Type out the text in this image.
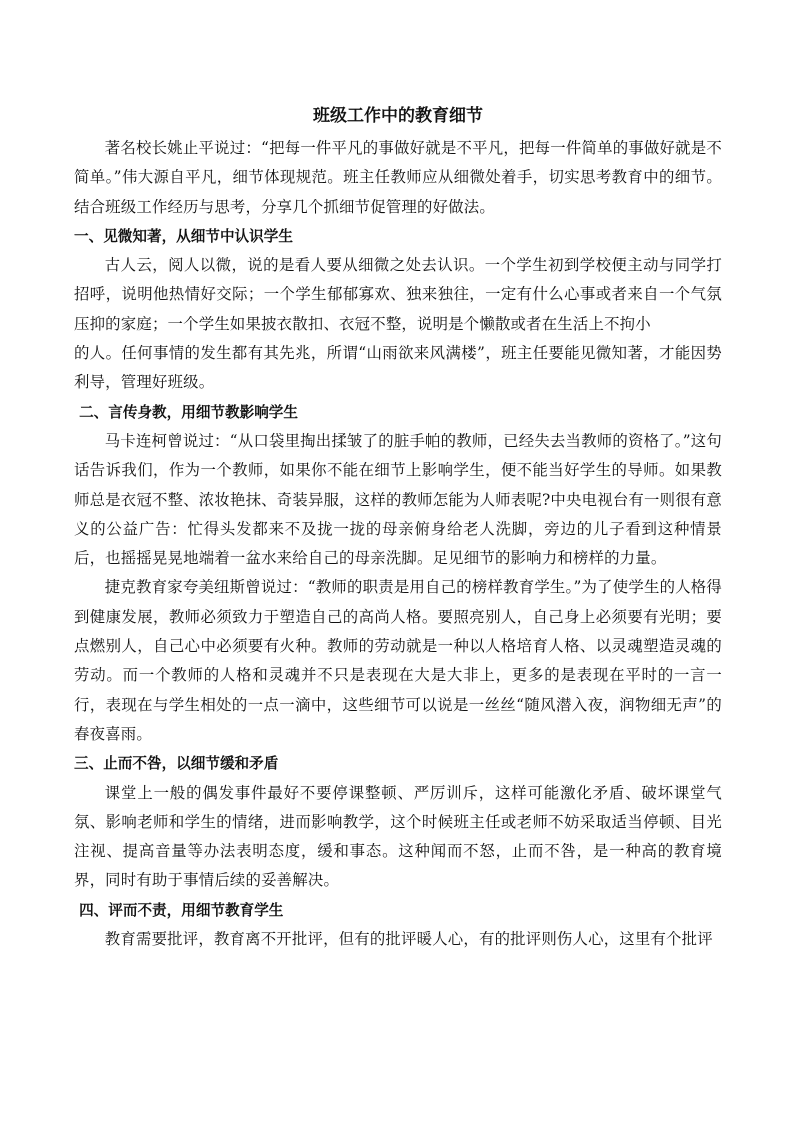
班级工作中的教育细节

著名校长姚止平说过：“把每一件平凡的事做好就是不平凡，把每一件简单的事做好就是不简单。”伟大源自平凡，细节体现规范。班主任教师应从细微处着手，切实思考教育中的细节。结合班级工作经历与思考，分享几个抓细节促管理的好做法。

一、见微知著，从细节中认识学生

古人云，阅人以微，说的是看人要从细微之处去认识。一个学生初到学校便主动与同学打招呼，说明他热情好交际；一个学生郁郁寡欢、独来独往，一定有什么心事或者来自一个气氛压抑的家庭；一个学生如果披衣散扣、衣冠不整，说明是个懒散或者在生活上不拘小

的人。任何事情的发生都有其先兆，所谓“山雨欲来风满楼”，班主任要能见微知著，才能因势利导，管理好班级。

二、言传身教，用细节教影响学生

马卡连柯曾说过：“从口袋里掏出揉皱了的脏手帕的教师，已经失去当教师的资格了。”这句话告诉我们，作为一个教师，如果你不能在细节上影响学生，便不能当好学生的导师。如果教师总是衣冠不整、浓妆艳抹、奇装异服，这样的教师怎能为人师表呢?中央电视台有一则很有意义的公益广告：忙得头发都来不及拢一拢的母亲俯身给老人洗脚，旁边的儿子看到这种情景后，也摇摇晃晃地端着一盆水来给自己的母亲洗脚。足见细节的影响力和榜样的力量。

捷克教育家夸美纽斯曾说过：“教师的职责是用自己的榜样教育学生。”为了使学生的人格得到健康发展，教师必须致力于塑造自己的高尚人格。要照亮别人，自己身上必须要有光明；要点燃别人，自己心中必须要有火种。教师的劳动就是一种以人格培育人格、以灵魂塑造灵魂的劳动。而一个教师的人格和灵魂并不只是表现在大是大非上，更多的是表现在平时的一言一行，表现在与学生相处的一点一滴中，这些细节可以说是一丝丝“随风潜入夜，润物细无声”的春夜喜雨。

三、止而不咎，以细节缓和矛盾

课堂上一般的偶发事件最好不要停课整顿、严厉训斥，这样可能激化矛盾、破坏课堂气氛、影响老师和学生的情绪，进而影响教学，这个时候班主任或老师不妨采取适当停顿、目光注视、提高音量等办法表明态度，缓和事态。这种闻而不怒，止而不咎，是一种高的教育境界，同时有助于事情后续的妥善解决。

四、评而不责，用细节教育学生

教育需要批评，教育离不开批评，但有的批评暖人心，有的批评则伤人心，这里有个批评
